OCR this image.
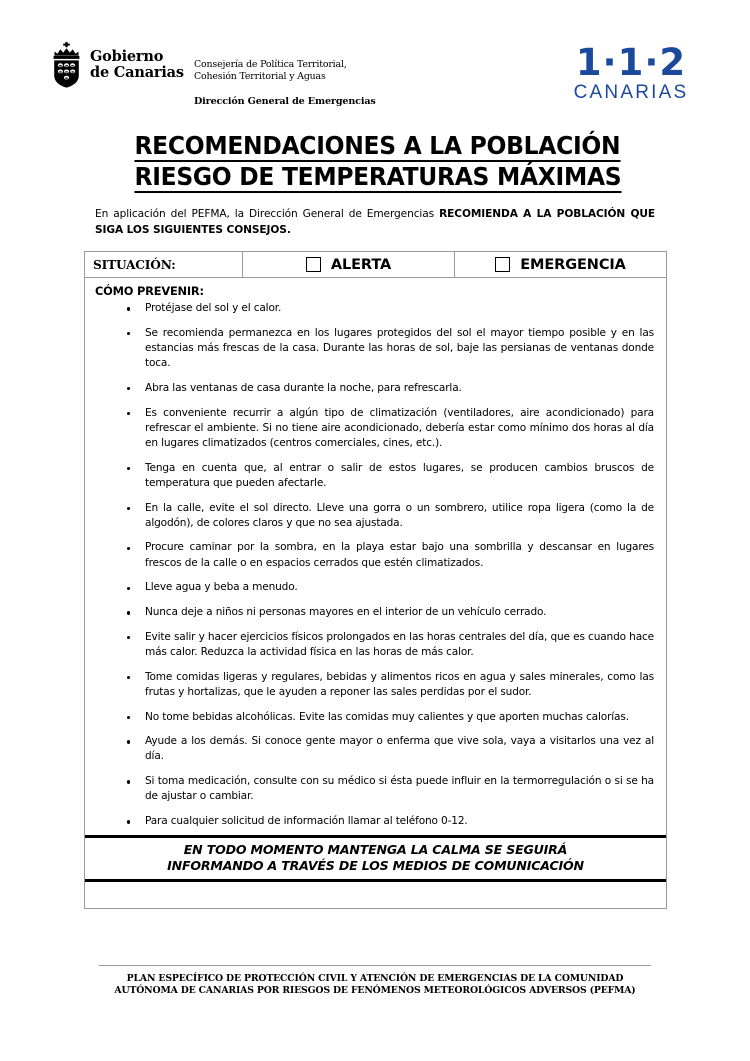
Gobierno
de Canarias Consejería de Política Territorial,
Cohesión Territorial y Aguas
Dirección General de Emergencias
1·1·2
CANARIAS
RECOMENDACIONES A LA POBLACIÓN
RIESGO DE TEMPERATURAS MÁXIMAS
En aplicación del PEFMA, la Dirección General de Emergencias RECOMIENDA A LA POBLACIÓN QUE SIGA LOS SIGUIENTES CONSEJOS.
SITUACIÓN:	ALERTA	EMERGENCIA

CÓMO PREVENIR:

Protéjase del sol y el calor.
Se recomienda permanezca en los lugares protegidos del sol el mayor tiempo posible y en las estancias más frescas de la casa. Durante las horas de sol, baje las persianas de ventanas donde toca.
Abra las ventanas de casa durante la noche, para refrescarla.
Es conveniente recurrir a algún tipo de climatización (ventiladores, aire acondicionado) para refrescar el ambiente. Si no tiene aire acondicionado, debería estar como mínimo dos horas al día en lugares climatizados (centros comerciales, cines, etc.).
Tenga en cuenta que, al entrar o salir de estos lugares, se producen cambios bruscos de temperatura que pueden afectarle.
En la calle, evite el sol directo. Lleve una gorra o un sombrero, utilice ropa ligera (como la de algodón), de colores claros y que no sea ajustada.
Procure caminar por la sombra, en la playa estar bajo una sombrilla y descansar en lugares frescos de la calle o en espacios cerrados que estén climatizados.
Lleve agua y beba a menudo.
Nunca deje a niños ni personas mayores en el interior de un vehículo cerrado.
Evite salir y hacer ejercicios físicos prolongados en las horas centrales del día, que es cuando hace más calor. Reduzca la actividad física en las horas de más calor.
Tome comidas ligeras y regulares, bebidas y alimentos ricos en agua y sales minerales, como las frutas y hortalizas, que le ayuden a reponer las sales perdidas por el sudor.
No tome bebidas alcohólicas. Evite las comidas muy calientes y que aporten muchas calorías.
Ayude a los demás. Si conoce gente mayor o enferma que vive sola, vaya a visitarlos una vez al día.
Si toma medicación, consulte con su médico si ésta puede influir en la termorregulación o si se ha de ajustar o cambiar.
Para cualquier solicitud de información llamar al teléfono 0-12.
EN TODO MOMENTO MANTENGA LA CALMA SE SEGUIRÁ
INFORMANDO A TRAVÉS DE LOS MEDIOS DE COMUNICACIÓN
PLAN ESPECÍFICO DE PROTECCIÓN CIVIL Y ATENCIÓN DE EMERGENCIAS DE LA COMUNIDAD
AUTÓNOMA DE CANARIAS POR RIESGOS DE FENÓMENOS METEOROLÓGICOS ADVERSOS (PEFMA)
